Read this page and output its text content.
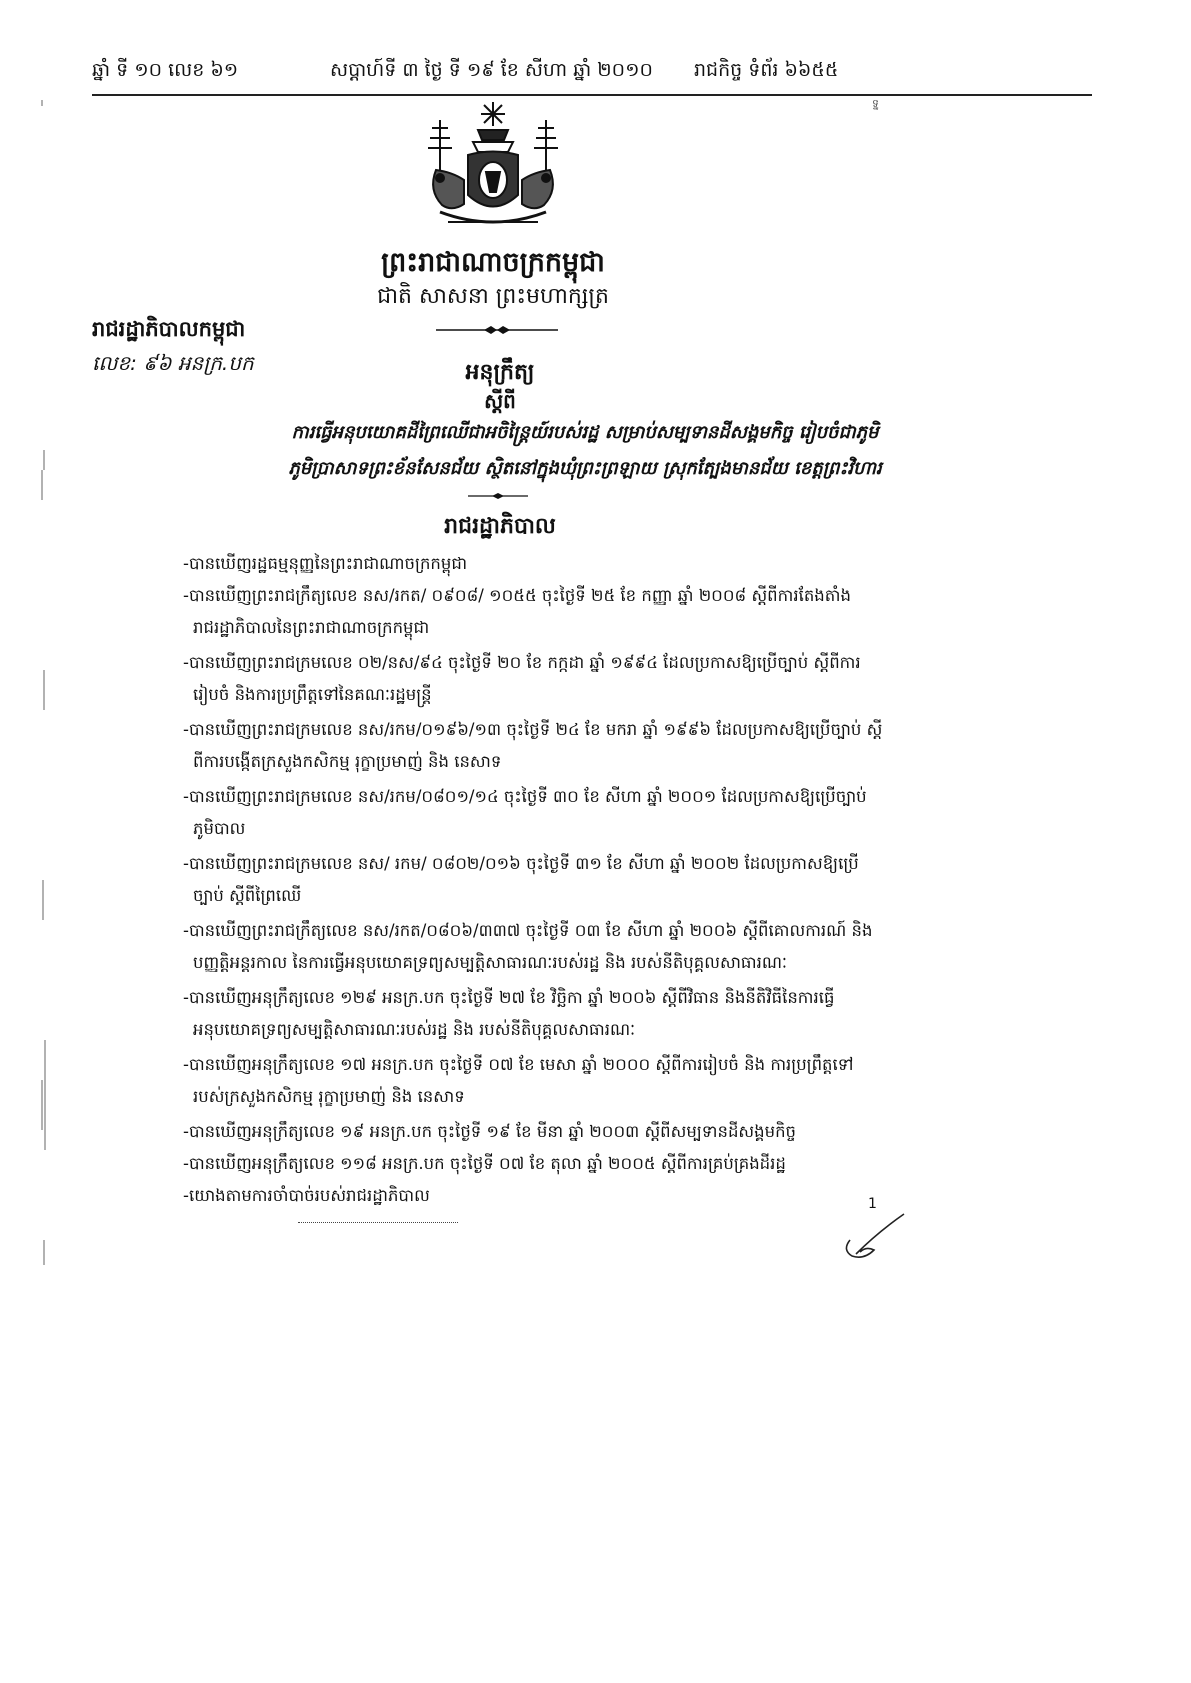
ឆ្នាំ ទី ១០ លេខ ៦១	សប្តាហ៍ទី ៣ ថ្ងៃ ទី ១៩ ខែ សីហា ឆ្នាំ ២០១០ រាជកិច្ច ទំព័រ ៦៦៥៥
ទ្ន
ព្រះរាជាណាចក្រកម្ពុជា
ជាតិ សាសនា ព្រះមហាក្សត្រ
រាជរដ្ឋាភិបាលកម្ពុជា
លេខ: ៩៦ អនក្រ.បក	អនុក្រឹត្យ
ស្តីពី
ការធ្វើអនុបយោគដីព្រៃឈើជាអចិន្ត្រៃយ៍របស់រដ្ឋ សម្រាប់សម្បទានដីសង្គមកិច្ច រៀបចំជាភូមិ
ភូមិប្រាសាទព្រះខ័នសែនជ័យ ស្ថិតនៅក្នុងឃុំព្រះព្រឡាយ ស្រុកត្បែងមានជ័យ ខេត្តព្រះវិហារ
រាជរដ្ឋាភិបាល
-បានឃើញរដ្ឋធម្មនុញ្ញនៃព្រះរាជាណាចក្រកម្ពុជា
-បានឃើញព្រះរាជក្រឹត្យលេខ នស/រកត/ ០៩០៨/ ១០៥៥ ចុះថ្ងៃទី ២៥ ខែ កញ្ញា ឆ្នាំ ២០០៨ ស្តីពីការតែងតាំង
រាជរដ្ឋាភិបាលនៃព្រះរាជាណាចក្រកម្ពុជា
-បានឃើញព្រះរាជក្រមលេខ ០២/នស/៩៤ ចុះថ្ងៃទី ២០ ខែ កក្កដា ឆ្នាំ ១៩៩៤ ដែលប្រកាសឱ្យប្រើច្បាប់ ស្តីពីការ
រៀបចំ និងការប្រព្រឹត្តទៅនៃគណៈរដ្ឋមន្ត្រី
-បានឃើញព្រះរាជក្រមលេខ នស/រកម/០១៩៦/១៣ ចុះថ្ងៃទី ២៤ ខែ មករា ឆ្នាំ ១៩៩៦ ដែលប្រកាសឱ្យប្រើច្បាប់ ស្តី
ពីការបង្កើតក្រសួងកសិកម្ម រុក្ខាប្រមាញ់ និង នេសាទ
-បានឃើញព្រះរាជក្រមលេខ នស/រកម/០៨០១/១៤ ចុះថ្ងៃទី ៣០ ខែ សីហា ឆ្នាំ ២០០១ ដែលប្រកាសឱ្យប្រើច្បាប់
ភូមិបាល
-បានឃើញព្រះរាជក្រមលេខ នស/ រកម/ ០៨០២/០១៦ ចុះថ្ងៃទី ៣១ ខែ សីហា ឆ្នាំ ២០០២ ដែលប្រកាសឱ្យប្រើ
ច្បាប់ ស្តីពីព្រៃឈើ
-បានឃើញព្រះរាជក្រឹត្យលេខ នស/រកត/០៨០៦/៣៣៧ ចុះថ្ងៃទី ០៣ ខែ សីហា ឆ្នាំ ២០០៦ ស្តីពីគោលការណ៍ និង
បញ្ញត្តិអន្តរកាល នៃការធ្វើអនុបយោគទ្រព្យសម្បត្តិសាធារណៈរបស់រដ្ឋ និង របស់នីតិបុគ្គលសាធារណៈ
-បានឃើញអនុក្រឹត្យលេខ ១២៩ អនក្រ.បក ចុះថ្ងៃទី ២៧ ខែ វិច្ឆិកា ឆ្នាំ ២០០៦ ស្តីពីវិធាន និងនីតិវិធីនៃការធ្វើ
អនុបយោគទ្រព្យសម្បត្តិសាធារណៈរបស់រដ្ឋ និង របស់នីតិបុគ្គលសាធារណៈ
-បានឃើញអនុក្រឹត្យលេខ ១៧ អនក្រ.បក ចុះថ្ងៃទី ០៧ ខែ មេសា ឆ្នាំ ២០០០ ស្តីពីការរៀបចំ និង ការប្រព្រឹត្តទៅ
របស់ក្រសួងកសិកម្ម រុក្ខាប្រមាញ់ និង នេសាទ
-បានឃើញអនុក្រឹត្យលេខ ១៩ អនក្រ.បក ចុះថ្ងៃទី ១៩ ខែ មីនា ឆ្នាំ ២០០៣ ស្តីពីសម្បទានដីសង្គមកិច្ច
-បានឃើញអនុក្រឹត្យលេខ ១១៨ អនក្រ.បក ចុះថ្ងៃទី ០៧ ខែ តុលា ឆ្នាំ ២០០៥ ស្តីពីការគ្រប់គ្រងដីរដ្ឋ
-យោងតាមការចាំបាច់របស់រាជរដ្ឋាភិបាល	1
